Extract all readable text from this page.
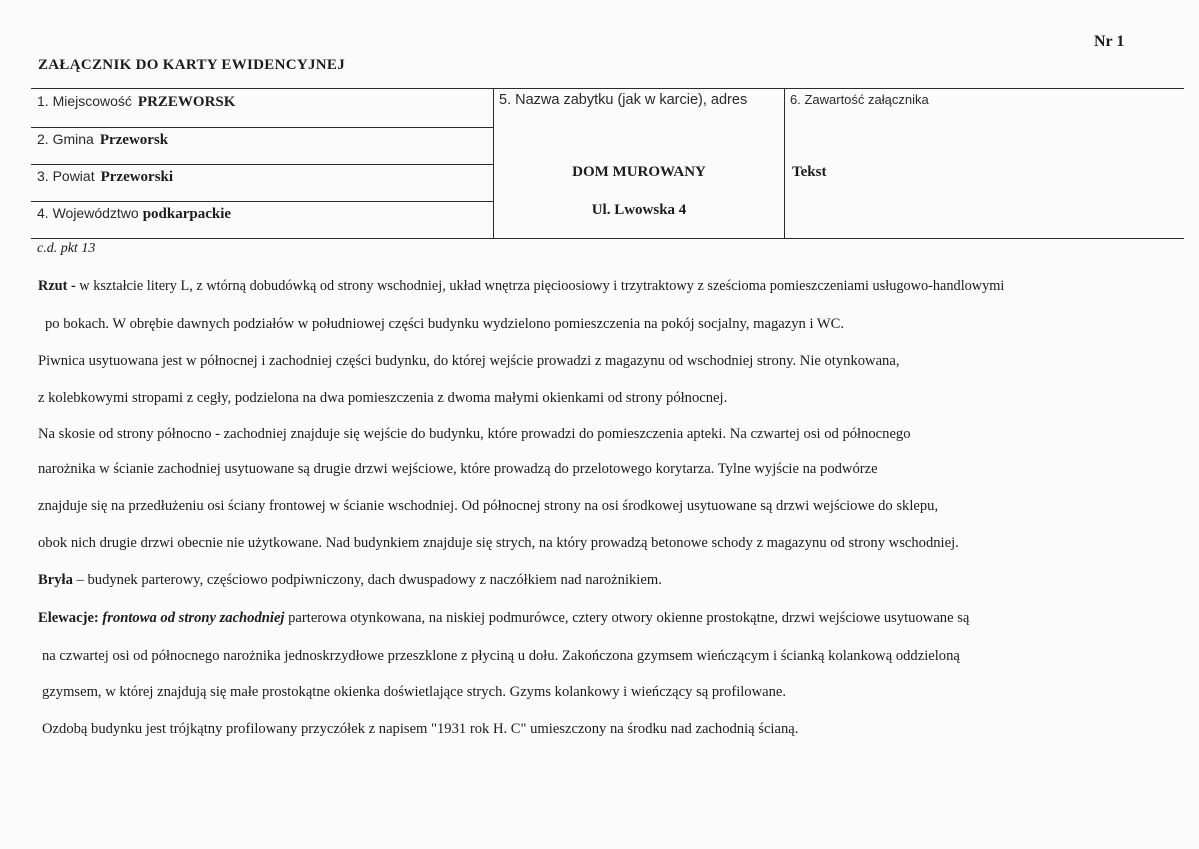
Nr 1
ZAŁĄCZNIK DO KARTY EWIDENCYJNEJ
1. Miejscowość PRZEWORSK
2. Gmina Przeworsk
3. Powiat Przeworski
4. Województwo podkarpackie
5. Nazwa zabytku (jak w karcie), adres
DOM MUROWANY
Ul. Lwowska 4
6. Zawartość załącznika
Tekst
c.d. pkt 13
Rzut - w kształcie litery L, z wtórną dobudówką od strony wschodniej, układ wnętrza pięcioosiowy i trzytraktowy z sześcioma pomieszczeniami usługowo-handlowymi
po bokach. W obrębie dawnych podziałów w południowej części budynku wydzielono pomieszczenia na pokój socjalny, magazyn i WC.
Piwnica usytuowana jest w północnej i zachodniej części budynku, do której wejście prowadzi z magazynu od wschodniej strony. Nie otynkowana,
z kolebkowymi stropami z cegły, podzielona na dwa pomieszczenia z dwoma małymi okienkami od strony północnej.
Na skosie od strony północno - zachodniej znajduje się wejście do budynku, które prowadzi do pomieszczenia apteki. Na czwartej osi od północnego
narożnika w ścianie zachodniej usytuowane są drugie drzwi wejściowe, które prowadzą do przelotowego korytarza. Tylne wyjście na podwórze
znajduje się na przedłużeniu osi ściany frontowej w ścianie wschodniej. Od północnej strony na osi środkowej usytuowane są drzwi wejściowe do sklepu,
obok nich drugie drzwi obecnie nie użytkowane. Nad budynkiem znajduje się strych, na który prowadzą betonowe schody z magazynu od strony wschodniej.
Bryła – budynek parterowy, częściowo podpiwniczony, dach dwuspadowy z naczółkiem nad narożnikiem.
Elewacje: frontowa od strony zachodniej parterowa otynkowana, na niskiej podmurówce, cztery otwory okienne prostokątne, drzwi wejściowe usytuowane są
na czwartej osi od północnego narożnika jednoskrzydłowe przeszklone z płyciną u dołu. Zakończona gzymsem wieńczącym i ścianką kolankową oddzieloną
gzymsem, w której znajdują się małe prostokątne okienka doświetlające strych. Gzyms kolankowy i wieńczący są profilowane.
Ozdobą budynku jest trójkątny profilowany przyczółek z napisem "1931 rok H. C" umieszczony na środku nad zachodnią ścianą.
